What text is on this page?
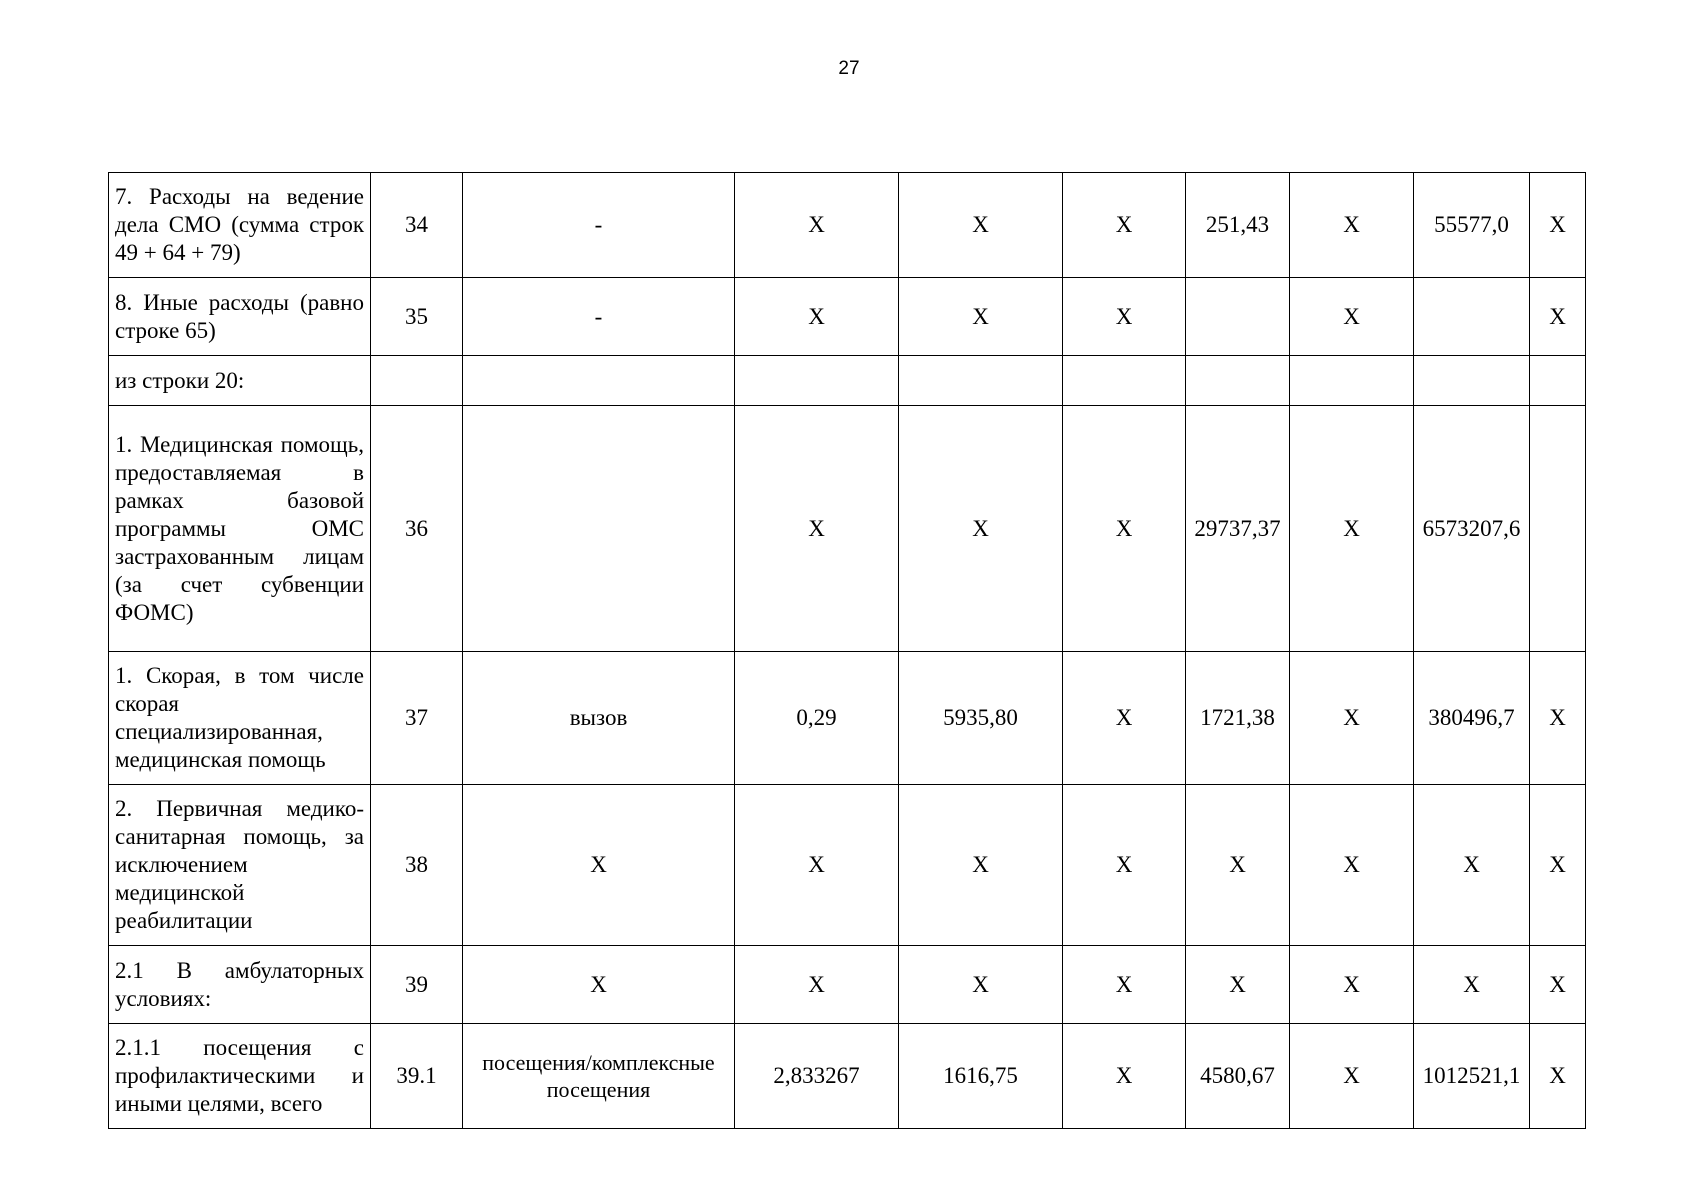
27
7. Расходы на ведение дела СМО (сумма строк 49 + 64 + 79)	34	-	X	X	X	251,43	X	55577,0	X
8. Иные расходы (равно строке 65)	35	-	X	X	X		X		X
из строки 20:									
1. Медицинская помощь, предоставляемая в рамках базовой программы ОМС застрахованным лицам (за счет субвенции ФОМС)	36		X	X	X	29737,37	X	6573207,6	
1. Скорая, в том числе скорая специализированная, медицинская помощь	37	вызов	0,29	5935,80	X	1721,38	X	380496,7	X
2. Первичная медико-санитарная помощь, за исключением медицинской реабилитации	38	X	X	X	X	X	X	X	X
2.1 В амбулаторных условиях:	39	X	X	X	X	X	X	X	X
2.1.1 посещения с профилактическими и иными целями, всего	39.1	посещения/комплексные посещения	2,833267	1616,75	X	4580,67	X	1012521,1	X
